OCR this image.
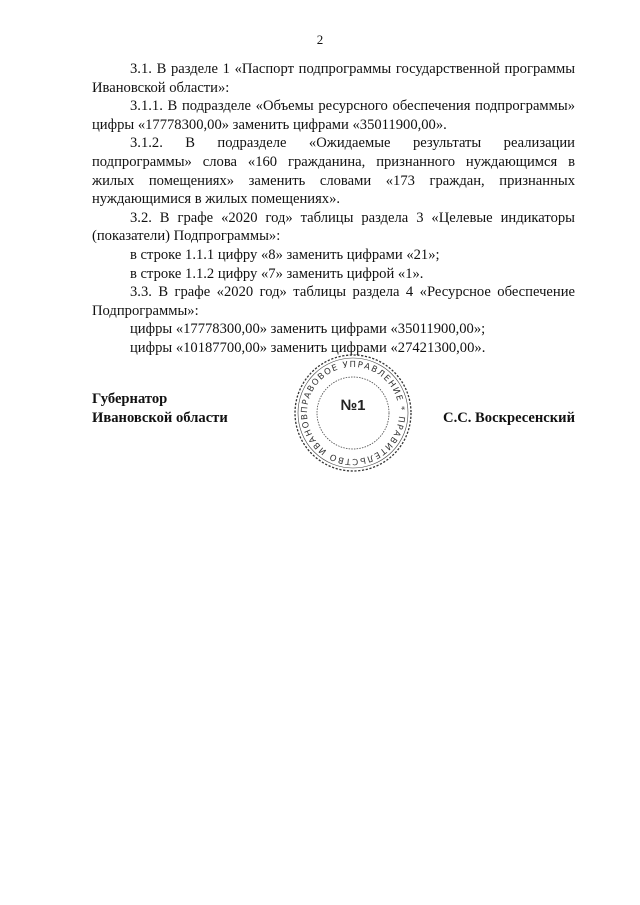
2

3.1. В разделе 1 «Паспорт подпрограммы государственной программы Ивановской области»:

3.1.1. В подразделе «Объемы ресурсного обеспечения подпрограммы» цифры «17778300,00» заменить цифрами «35011900,00».

3.1.2. В подразделе «Ожидаемые результаты реализации подпрограммы» слова «160 гражданина, признанного нуждающимся в жилых помещениях» заменить словами «173 граждан, признанных нуждающимися в жилых помещениях».

3.2. В графе «2020 год» таблицы раздела 3 «Целевые индикаторы (показатели) Подпрограммы»:

в строке 1.1.1 цифру «8» заменить цифрами «21»;

в строке 1.1.2 цифру «7» заменить цифрой «1».

3.3. В графе «2020 год» таблицы раздела 4 «Ресурсное обеспечение Подпрограммы»:

цифры «17778300,00» заменить цифрами «35011900,00»;

цифры «10187700,00» заменить цифрами «27421300,00».

Губернатор
Ивановской области	С.С. Воскресенский
ПРАВОВОЕ УПРАВЛЕНИЕ * ПРАВИТЕЛЬСТВО ИВАНОВ
№1
